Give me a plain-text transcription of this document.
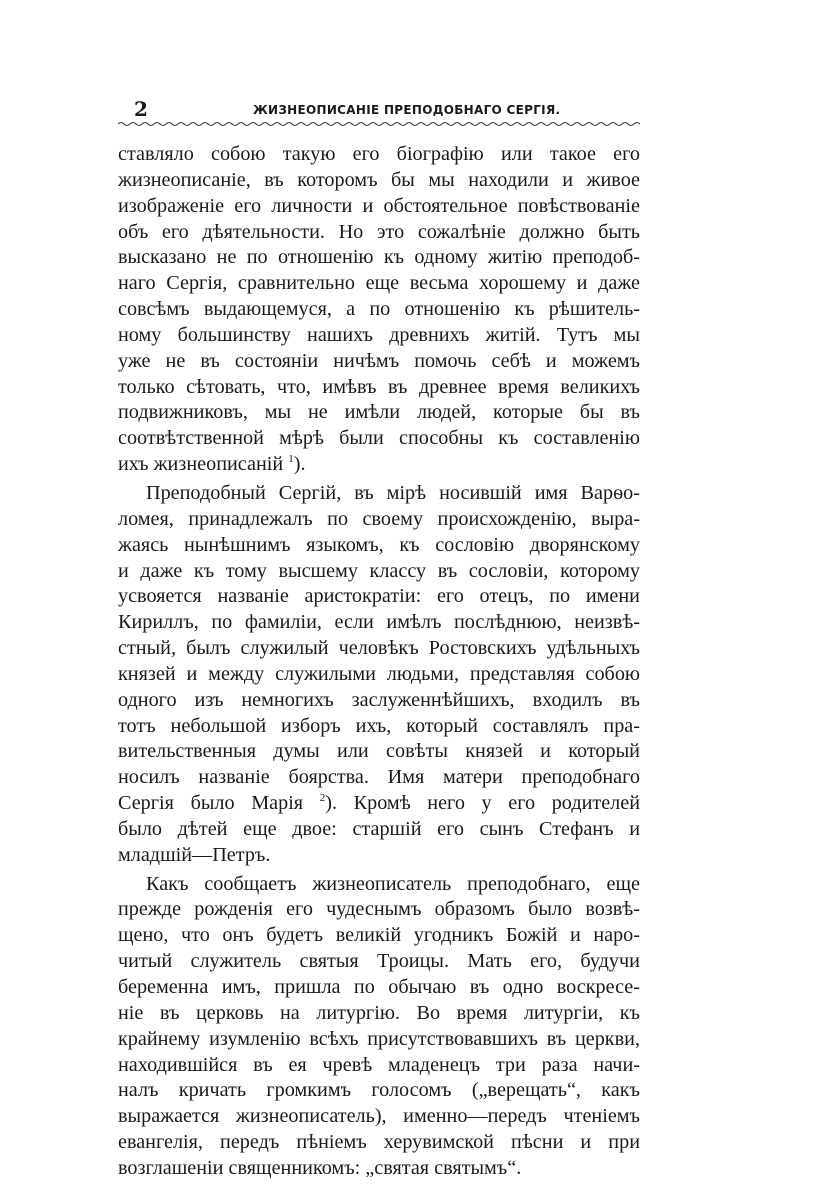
2	ЖИЗНЕОПИСАНІЕ ПРЕПОДОБНАГО СЕРГІЯ.
ставляло собою такую его біографію или такое его
жизнеописаніе, въ которомъ бы мы находили и живое
изображеніе его личности и обстоятельное повѣствованіе
объ его дѣятельности. Но это сожалѣніе должно быть
высказано не по отношенію къ одному житію преподоб-
наго Сергія, сравнительно еще весьма хорошему и даже
совсѣмъ выдающемуся, а по отношенію къ рѣшитель-
ному большинству нашихъ древнихъ житій. Тутъ мы
уже не въ состояніи ничѣмъ помочь себѣ и можемъ
только сѣтовать, что, имѣвъ въ древнее время великихъ
подвижниковъ, мы не имѣли людей, которые бы въ
соотвѣтственной мѣрѣ были способны къ составленію
ихъ жизнеописаній $^1$).
Преподобный Сергій, въ мірѣ носившій имя Варѳо-
ломея, принадлежалъ по своему происхожденію, выра-
жаясь нынѣшнимъ языкомъ, къ сословію дворянскому
и даже къ тому высшему классу въ сословіи, которому
усвояется названіе аристократіи: его отецъ, по имени
Кириллъ, по фамиліи, если имѣлъ послѣднюю, неизвѣ-
стный, былъ служилый человѣкъ Ростовскихъ удѣльныхъ
князей и между служилыми людьми, представляя собою
одного изъ немногихъ заслуженнѣйшихъ, входилъ въ
тотъ небольшой изборъ ихъ, который составлялъ пра-
вительственныя думы или совѣты князей и который
носилъ названіе боярства. Имя матери преподобнаго
Сергія было Марія $^2$). Кромѣ него у его родителей
было дѣтей еще двое: старшій его сынъ Стефанъ и
младшій—Петръ.
Какъ сообщаетъ жизнеописатель преподобнаго, еще
прежде рожденія его чудеснымъ образомъ было возвѣ-
щено, что онъ будетъ великій угодникъ Божій и наро-
читый служитель святыя Троицы. Мать его, будучи
беременна имъ, пришла по обычаю въ одно воскресе-
ніе въ церковь на литургію. Во время литургіи, къ
крайнему изумленію всѣхъ присутствовавшихъ въ церкви,
находившійся въ ея чревѣ младенецъ три раза начи-
налъ кричать громкимъ голосомъ („верещать“, какъ
выражается жизнеописатель), именно—передъ чтеніемъ
евангелія, передъ пѣніемъ херувимской пѣсни и при
возглашеніи священникомъ: „святая святымъ“.
